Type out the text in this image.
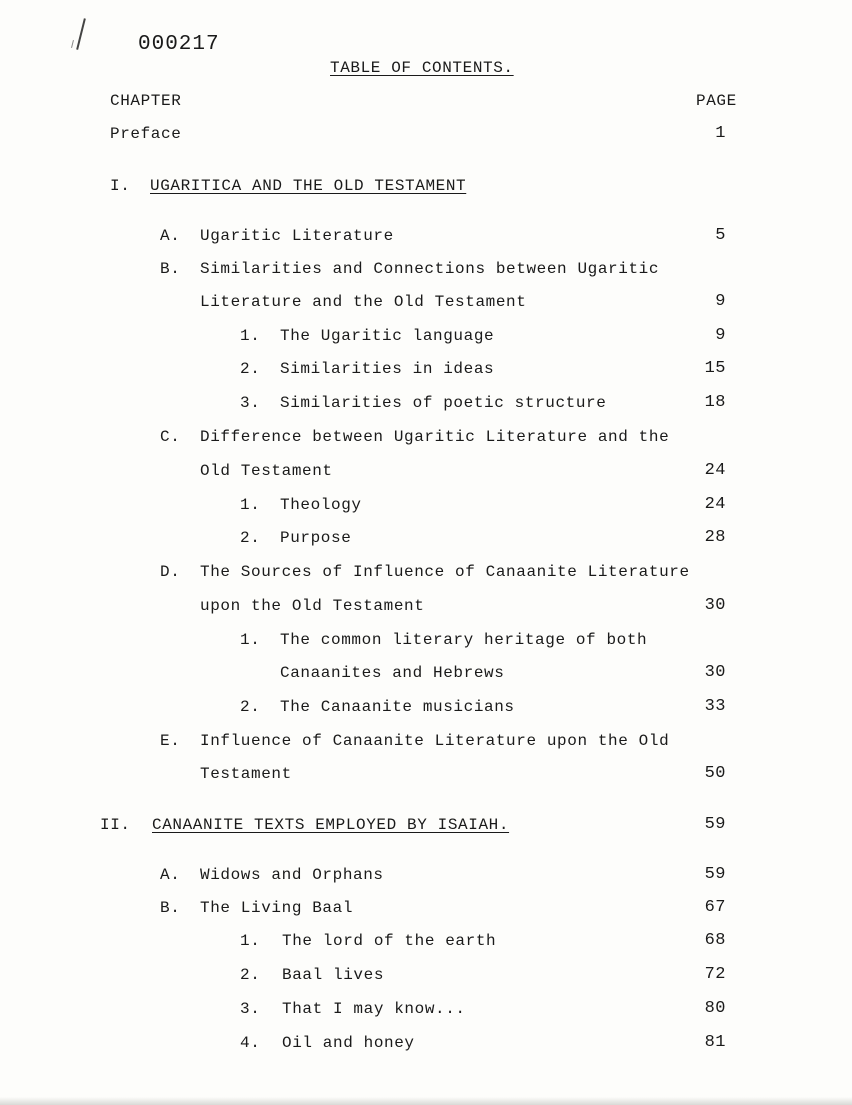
000217
TABLE OF CONTENTS.
CHAPTER	PAGE
Preface	1
I. UGARITICA AND THE OLD TESTAMENT
A. Ugaritic Literature	5
B. Similarities and Connections between Ugaritic
Literature and the Old Testament	9
1. The Ugaritic language	9
2. Similarities in ideas	15
3. Similarities of poetic structure	18
C. Difference between Ugaritic Literature and the
Old Testament	24
1. Theology	24
2. Purpose	28
D. The Sources of Influence of Canaanite Literature
upon the Old Testament	30
1. The common literary heritage of both
Canaanites and Hebrews	30
2. The Canaanite musicians	33
E. Influence of Canaanite Literature upon the Old
Testament	50
II. CANAANITE TEXTS EMPLOYED BY ISAIAH.	59
A. Widows and Orphans	59
B. The Living Baal	67
1. The lord of the earth	68
2. Baal lives	72
3. That I may know...	80
4. Oil and honey	81
